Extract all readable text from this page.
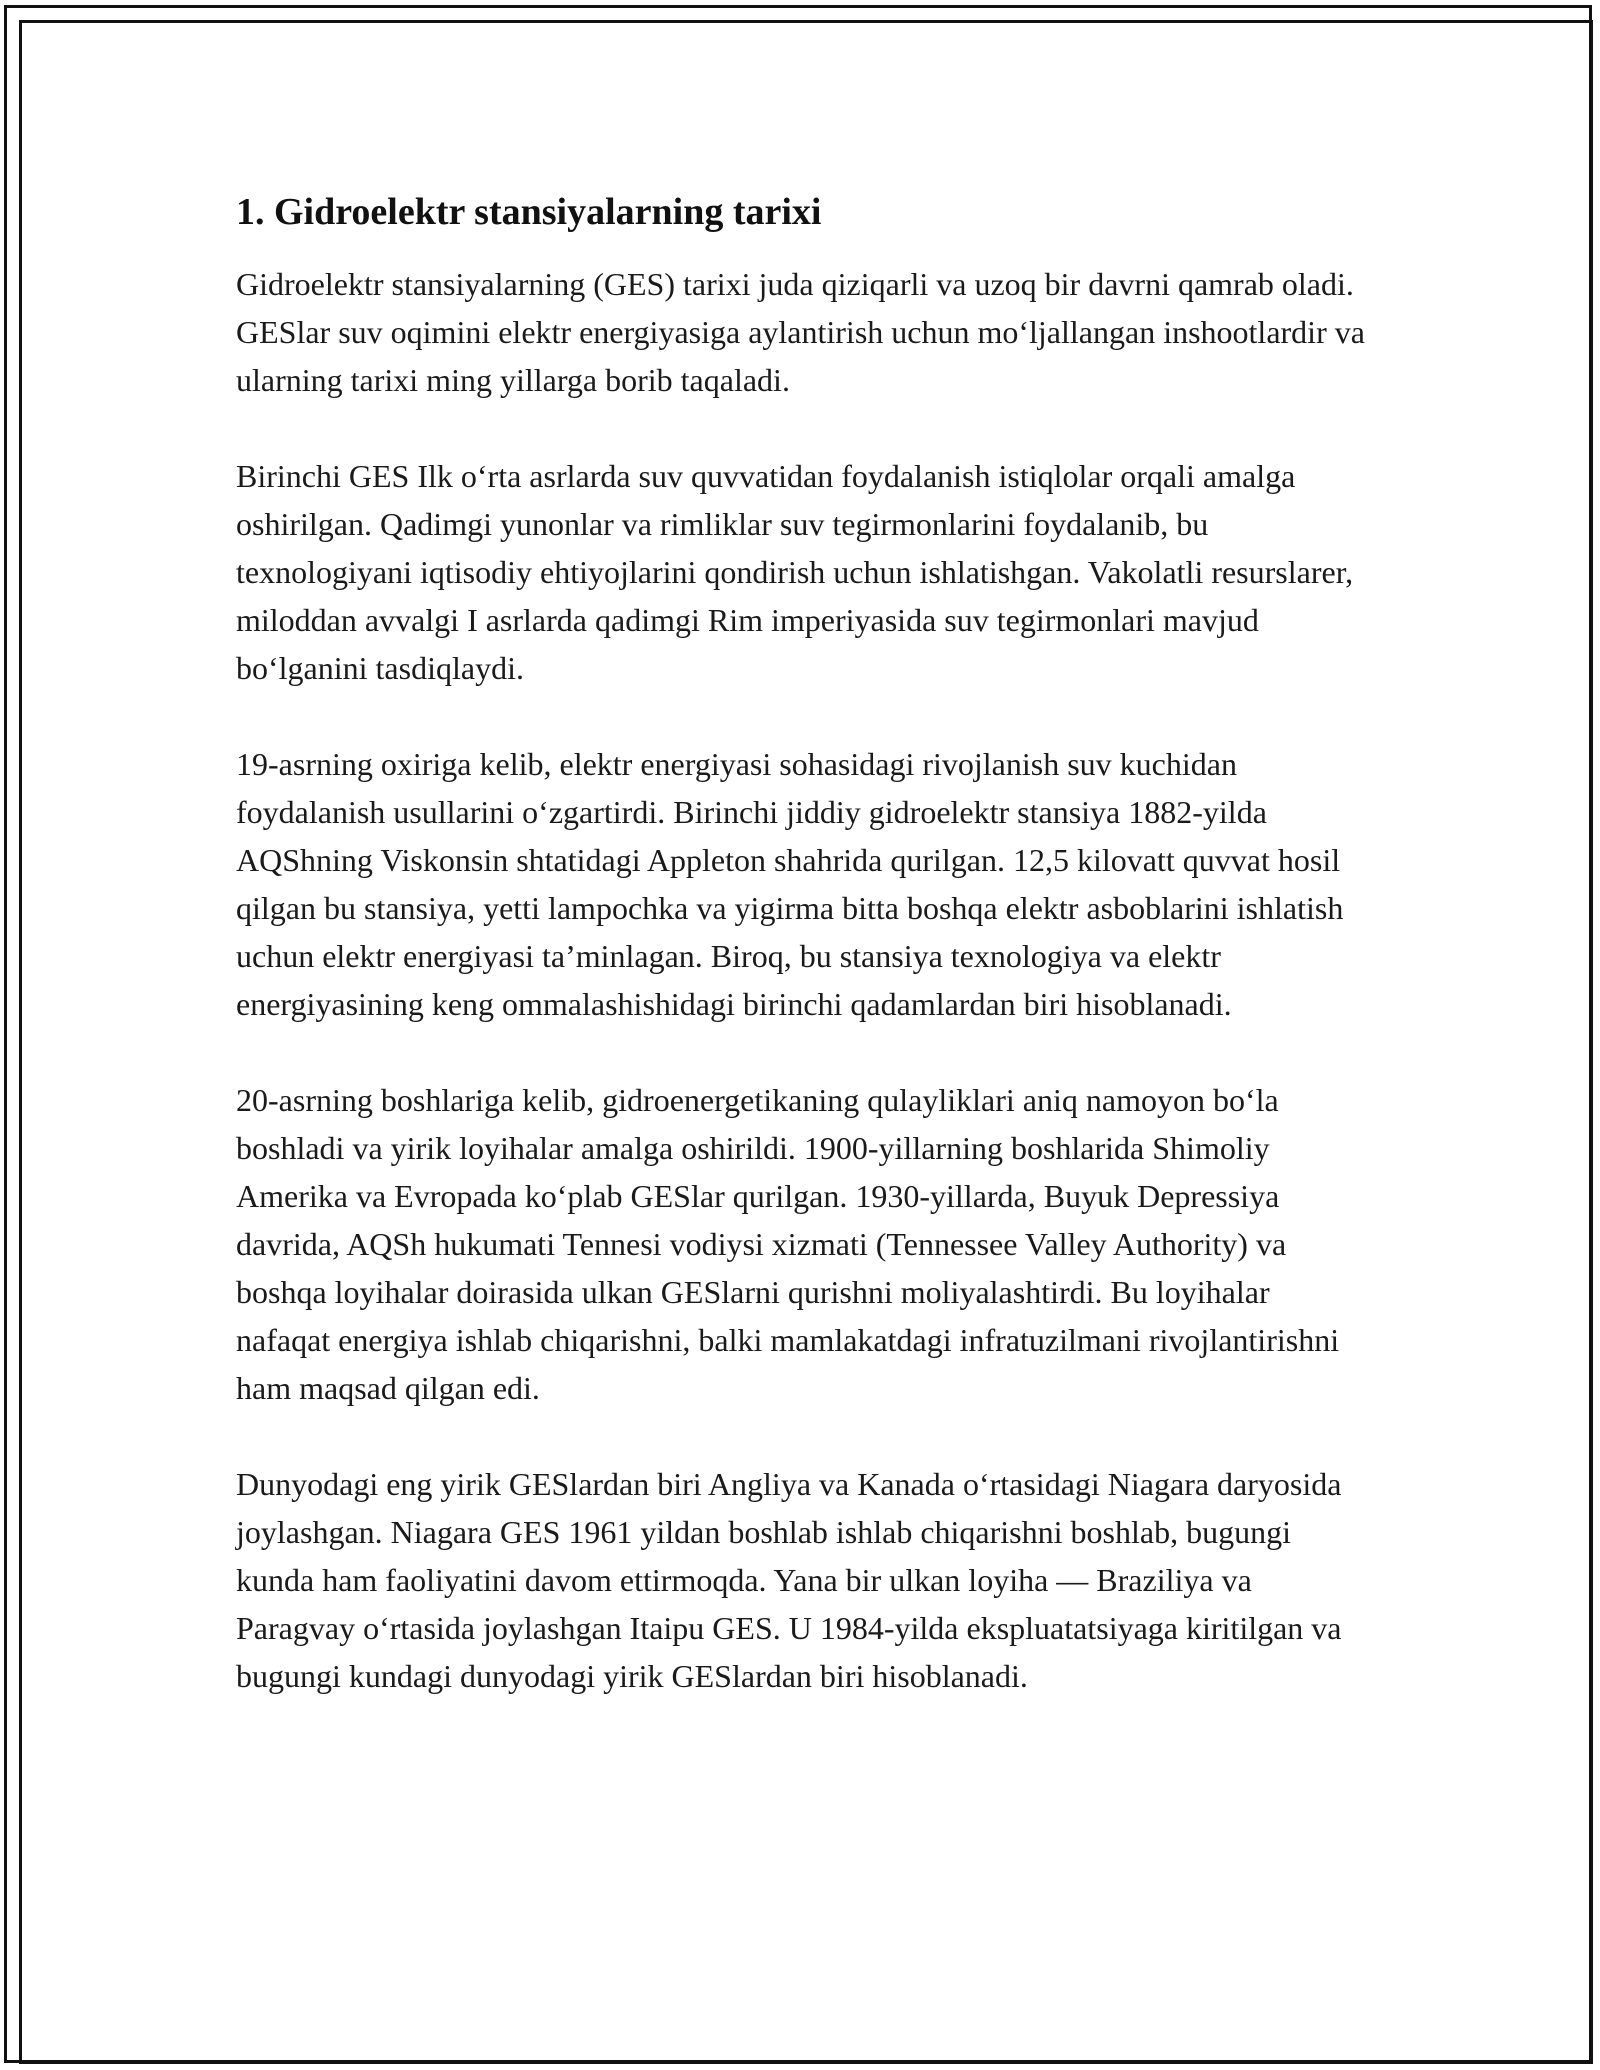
1. Gidroelektr stansiyalarning tarixi

Gidroelektr stansiyalarning (GES) tarixi juda qiziqarli va uzoq bir davrni qamrab oladi. GESlar suv oqimini elektr energiyasiga aylantirish uchun mo‘ljallangan inshootlardir va ularning tarixi ming yillarga borib taqaladi.

Birinchi GES Ilk o‘rta asrlarda suv quvvatidan foydalanish istiqlolar orqali amalga oshirilgan. Qadimgi yunonlar va rimliklar suv tegirmonlarini foydalanib, bu texnologiyani iqtisodiy ehtiyojlarini qondirish uchun ishlatishgan. Vakolatli resurslarer, miloddan avvalgi I asrlarda qadimgi Rim imperiyasida suv tegirmonlari mavjud bo‘lganini tasdiqlaydi.

19-asrning oxiriga kelib, elektr energiyasi sohasidagi rivojlanish suv kuchidan foydalanish usullarini o‘zgartirdi. Birinchi jiddiy gidroelektr stansiya 1882-yilda AQShning Viskonsin shtatidagi Appleton shahrida qurilgan. 12,5 kilovatt quvvat hosil qilgan bu stansiya, yetti lampochka va yigirma bitta boshqa elektr asboblarini ishlatish uchun elektr energiyasi ta’minlagan. Biroq, bu stansiya texnologiya va elektr energiyasining keng ommalashishidagi birinchi qadamlardan biri hisoblanadi.

20-asrning boshlariga kelib, gidroenergetikaning qulayliklari aniq namoyon bo‘la boshladi va yirik loyihalar amalga oshirildi. 1900-yillarning boshlarida Shimoliy Amerika va Evropada ko‘plab GESlar qurilgan. 1930-yillarda, Buyuk Depressiya davrida, AQSh hukumati Tennesi vodiysi xizmati (Tennessee Valley Authority) va boshqa loyihalar doirasida ulkan GESlarni qurishni moliyalashtirdi. Bu loyihalar nafaqat energiya ishlab chiqarishni, balki mamlakatdagi infratuzilmani rivojlantirishni ham maqsad qilgan edi.

Dunyodagi eng yirik GESlardan biri Angliya va Kanada o‘rtasidagi Niagara daryosida joylashgan. Niagara GES 1961 yildan boshlab ishlab chiqarishni boshlab, bugungi kunda ham faoliyatini davom ettirmoqda. Yana bir ulkan loyiha — Braziliya va Paragvay o‘rtasida joylashgan Itaipu GES. U 1984-yilda ekspluatatsiyaga kiritilgan va bugungi kundagi dunyodagi yirik GESlardan biri hisoblanadi.
